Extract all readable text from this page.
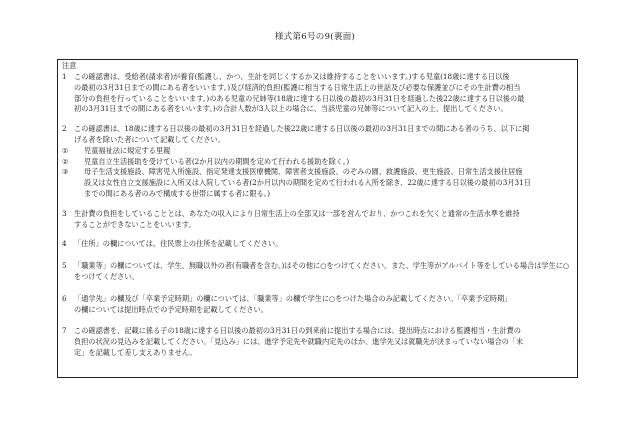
様式第6号の9(裏面)
注意
1	この確認書は、受給者(請求者)が養育(監護し、かつ、生計を同じくするか又は維持することをいいます。)する児童(18歳に達する日以後
の最初の3月31日までの間にある者をいいます。)及び経済的負担(監護に相当する日常生活上の世話及び必要な保護並びにその生計費の相当
部分の負担を行っていることをいいます。)のある児童の兄姉等(18歳に達する日以後の最初の3月31日を経過した後22歳に達する日以後の最
初の3月31日までの間にある者をいいます。)の合計人数が3人以上の場合に、当該児童の兄姉等について記入の上、提出してください。
2	この確認書は、18歳に達する日以後の最初の3月31日を経過した後22歳に達する日以後の最初の3月31日までの間にある者のうち、以下に掲
げる者を除いた者について記載してください。
①	児童福祉法に規定する里親
②	児童自立生活援助を受けている者(2か月以内の期間を定めて行われる援助を除く。)
③	母子生活支援施設、障害児入所施設、指定発達支援医療機関、障害者支援施設、のぞみの園、救護施設、更生施設、日常生活支援住居施
設又は女性自立支援施設に入所又は入院している者(2か月以内の期間を定めて行われる入所を除き、22歳に達する日以後の最初の3月31日
までの間にある者のみで構成する世帯に属する者に限る。)
3	生計費の負担をしていることとは、あなたの収入により日常生活上の全部又は一部を営んでおり、かつこれを欠くと通常の生活水準を維持
することができないことをいいます。
4	「住所」の欄については、住民票上の住所を記載してください。
5	「職業等」の欄については、学生、無職以外の者(有職者を含む。)はその他に○をつけてください。また、学生等がアルバイト等をしている場合は学生に○をつけてください。
6	「通学先」の欄及び「卒業予定時期」の欄については、「職業等」の欄で学生に○をつけた場合のみ記載してください。「卒業予定時期」
の欄については提出時点での予定時期を記載してください。
7	この確認書を、記載に係る子の18歳に達する日以後の最初の3月31日の到来前に提出する場合には、提出時点における監護相当・生計費の
負担の状況の見込みを記載してください。「見込み」には、進学予定先や就職内定先のほか、進学先又は就職先が決まっていない場合の「未
定」を記載して差し支えありません。
